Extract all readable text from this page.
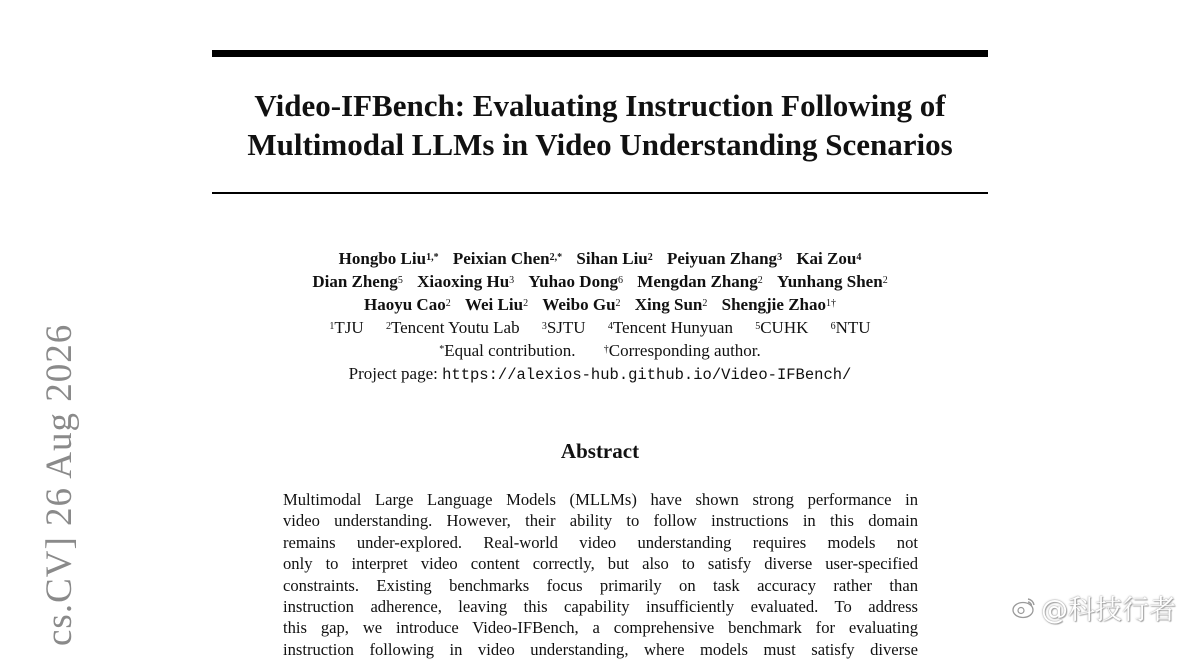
Video-IFBench: Evaluating Instruction Following of
Multimodal LLMs in Video Understanding Scenarios
Hongbo Liu$^{1,*}$ Peixian Chen$^{2,*}$ Sihan Liu$^2$ Peiyuan Zhang$^3$ Kai Zou$^4$
Dian Zheng$^5$ Xiaoxing Hu$^3$ Yuhao Dong$^6$ Mengdan Zhang$^2$ Yunhang Shen$^2$
Haoyu Cao$^2$ Wei Liu$^2$ Weibo Gu$^2$ Xing Sun$^2$ Shengjie Zhao$^{1\dagger}$
$^1$TJU $^2$Tencent Youtu Lab $^3$SJTU $^4$Tencent Hunyuan $^5$CUHK $^6$NTU
*Equal contribution.	†Corresponding author.
Project page: https://alexios-hub.github.io/Video-IFBench/
Abstract
Multimodal Large Language Models (MLLMs) have shown strong performance in
video understanding. However, their ability to follow instructions in this domain
remains under-explored. Real-world video understanding requires models not
only to interpret video content correctly, but also to satisfy diverse user-specified
constraints. Existing benchmarks focus primarily on task accuracy rather than
instruction adherence, leaving this capability insufficiently evaluated. To address
this gap, we introduce Video-IFBench, a comprehensive benchmark for evaluating
instruction following in video understanding, where models must satisfy diverse
cs.CV] 26 Aug 2026	@科技行者
